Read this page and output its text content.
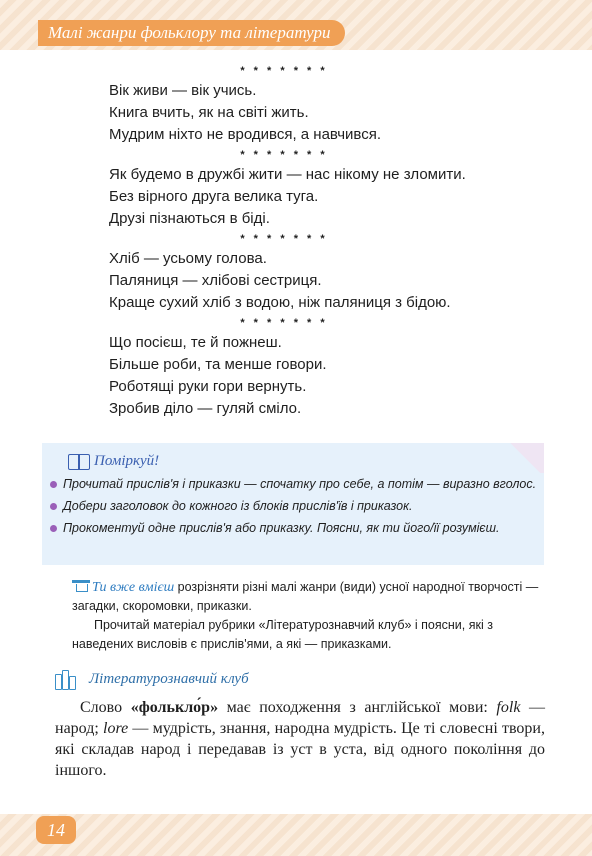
Малі жанри фольклору та літератури
* * * * * * *
Вік живи — вік учись.
Книга вчить, як на світі жить.
Мудрим ніхто не вродився, а навчився.
* * * * * * *
Як будемо в дружбі жити — нас нікому не зломити.
Без вірного друга велика туга.
Друзі пізнаються в біді.
* * * * * * *
Хліб — усьому голова.
Паляниця — хлібові сестриця.
Краще сухий хліб з водою, ніж паляниця з бідою.
* * * * * * *
Що посієш, те й пожнеш.
Більше роби, та менше говори.
Роботящі руки гори вернуть.
Зробив діло — гуляй сміло.
Поміркуй!
Прочитай прислів'я і приказки — спочатку про себе, а потім — виразно вголос.
Добери заголовок до кожного із блоків прислів'їв і приказок.
Прокоментуй одне прислів'я або приказку. Поясни, як ти його/її розумієш.

Ти вже вмієш розрізняти різні малі жанри (види) усної народної творчості — загадки, скоромовки, приказки.

Прочитай матеріал рубрики «Літературознавчий клуб» і поясни, які з наведених висловів є прислів'ями, а які — приказками.

Літературознавчий клуб

Слово «фолькло́р» має походження з англійської мови: folk — народ; lore — мудрість, знання, народна мудрість. Це ті словесні твори, які складав народ і передавав із уст в уста, від одного покоління до іншого.

14
